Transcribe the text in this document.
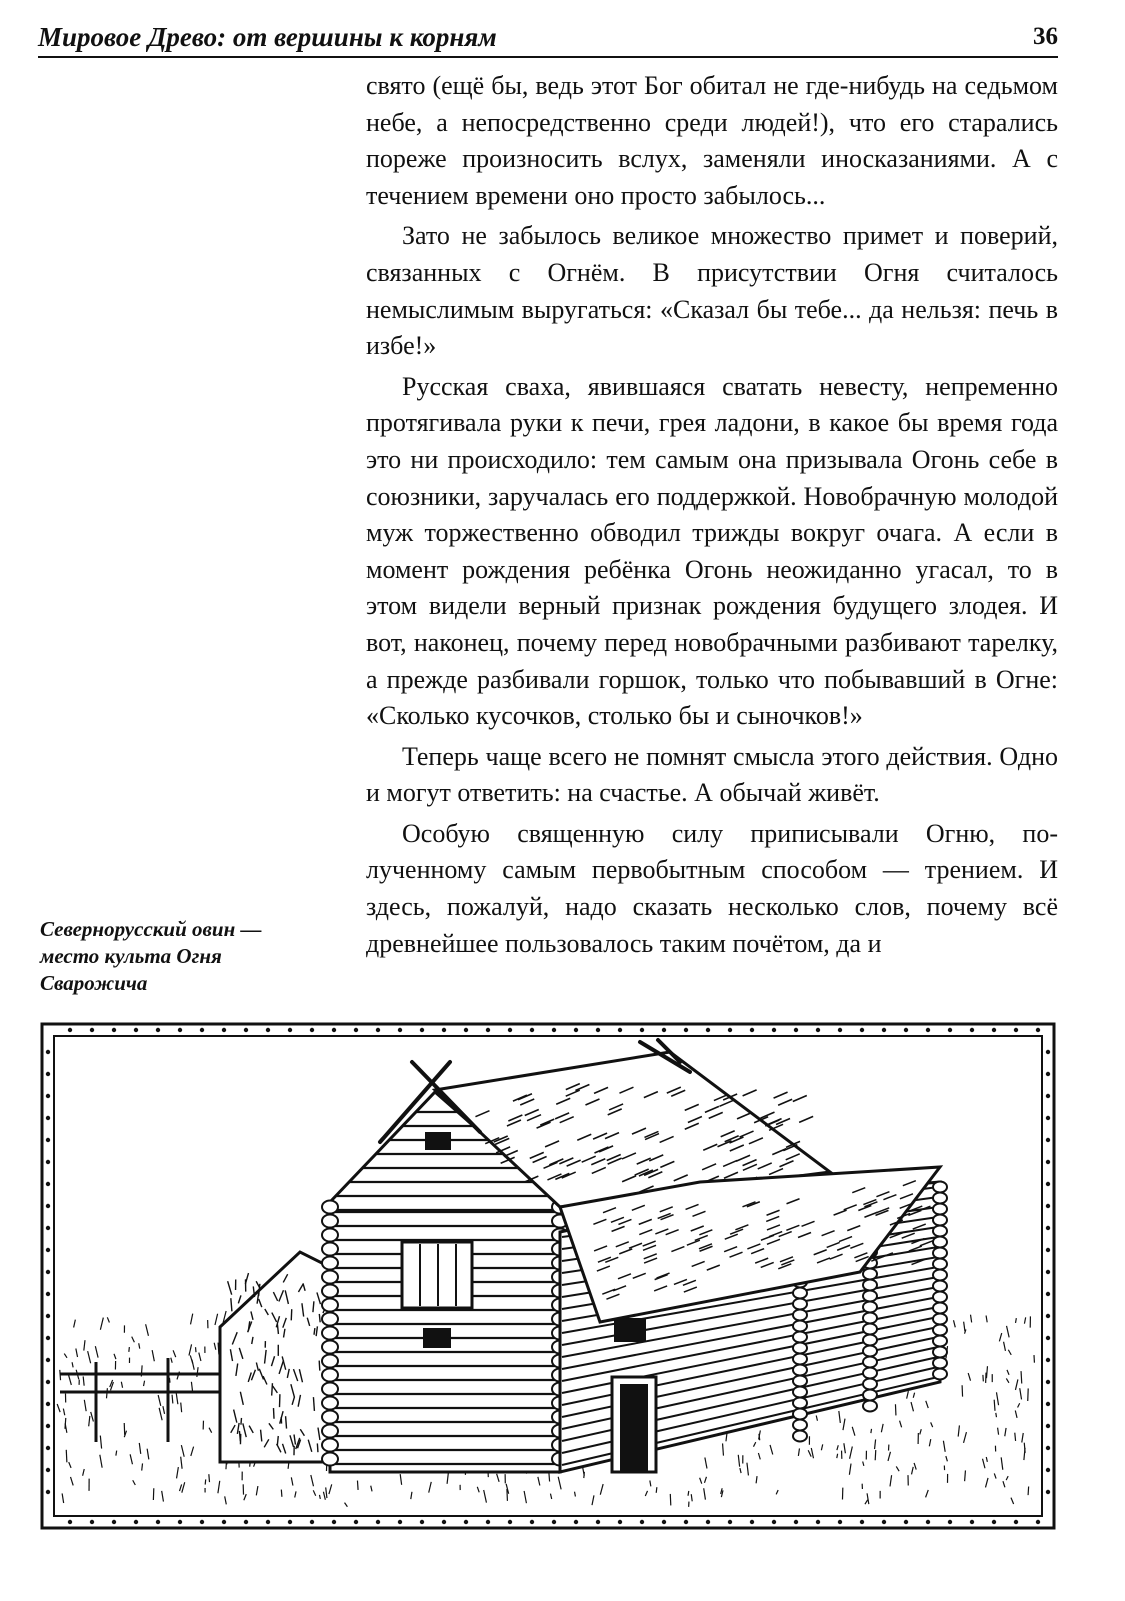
Мировое Древо: от вершины к корням	36

свято (ещё бы, ведь этот Бог обитал не где-нибудь на седьмом небе, а непосредственно среди людей!), что его старались пореже произносить вслух, заменяли иносказаниями. А с течением времени оно просто забылось...

Зато не забылось великое множество примет и поверий, связанных с Огнём. В присутствии Огня считалось немыслимым выругаться: «Сказал бы тебе... да нельзя: печь в избе!»

Русская сваха, явившаяся сватать невесту, непременно протягивала руки к печи, грея ладони, в какое бы время года это ни происходило: тем самым она призывала Огонь себе в союзники, заручалась его поддержкой. Новобрачную молодой муж торжественно обводил трижды вокруг очага. А если в момент рождения ребёнка Огонь неожиданно угасал, то в этом видели верный признак рождения будущего злодея. И вот, наконец, почему перед новобрачными разбивают тарелку, а прежде разбивали горшок, только что побывавший в Огне: «Сколько кусочков, столько бы и сыночков!»

Теперь чаще всего не помнят смысла этого действия. Одно и могут ответить: на счастье. А обычай живёт.

Особую священную силу приписывали Огню, полученному самым первобытным способом — трением. И здесь, пожалуй, надо сказать несколько слов, почему всё древнейшее пользовалось таким почётом, да и

Севернорусский овин — место культа Огня Сварожича
